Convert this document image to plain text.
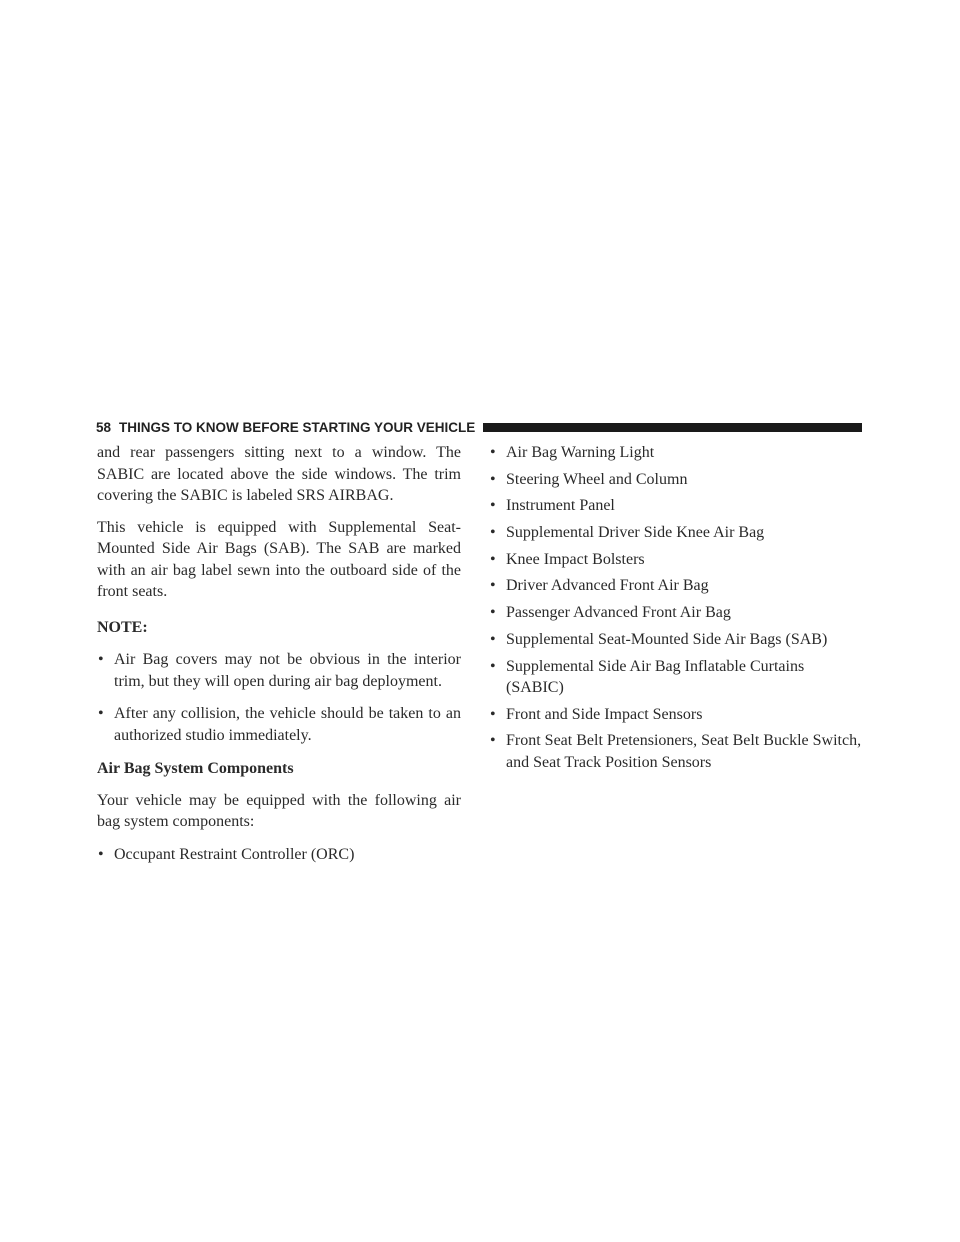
58 THINGS TO KNOW BEFORE STARTING YOUR VEHICLE

and rear passengers sitting next to a window. The SABIC are located above the side windows. The trim covering the SABIC is labeled SRS AIRBAG.

This vehicle is equipped with Supplemental Seat-Mounted Side Air Bags (SAB). The SAB are marked with an air bag label sewn into the outboard side of the front seats.

NOTE:

• Air Bag covers may not be obvious in the interior trim, but they will open during air bag deployment.
• After any collision, the vehicle should be taken to an authorized studio immediately.

Air Bag System Components

Your vehicle may be equipped with the following air bag system components:

• Occupant Restraint Controller (ORC)
• Air Bag Warning Light
• Steering Wheel and Column
• Instrument Panel
• Supplemental Driver Side Knee Air Bag
• Knee Impact Bolsters
• Driver Advanced Front Air Bag
• Passenger Advanced Front Air Bag
• Supplemental Seat-Mounted Side Air Bags (SAB)
• Supplemental Side Air Bag Inflatable Curtains (SABIC)
• Front and Side Impact Sensors
• Front Seat Belt Pretensioners, Seat Belt Buckle Switch, and Seat Track Position Sensors
